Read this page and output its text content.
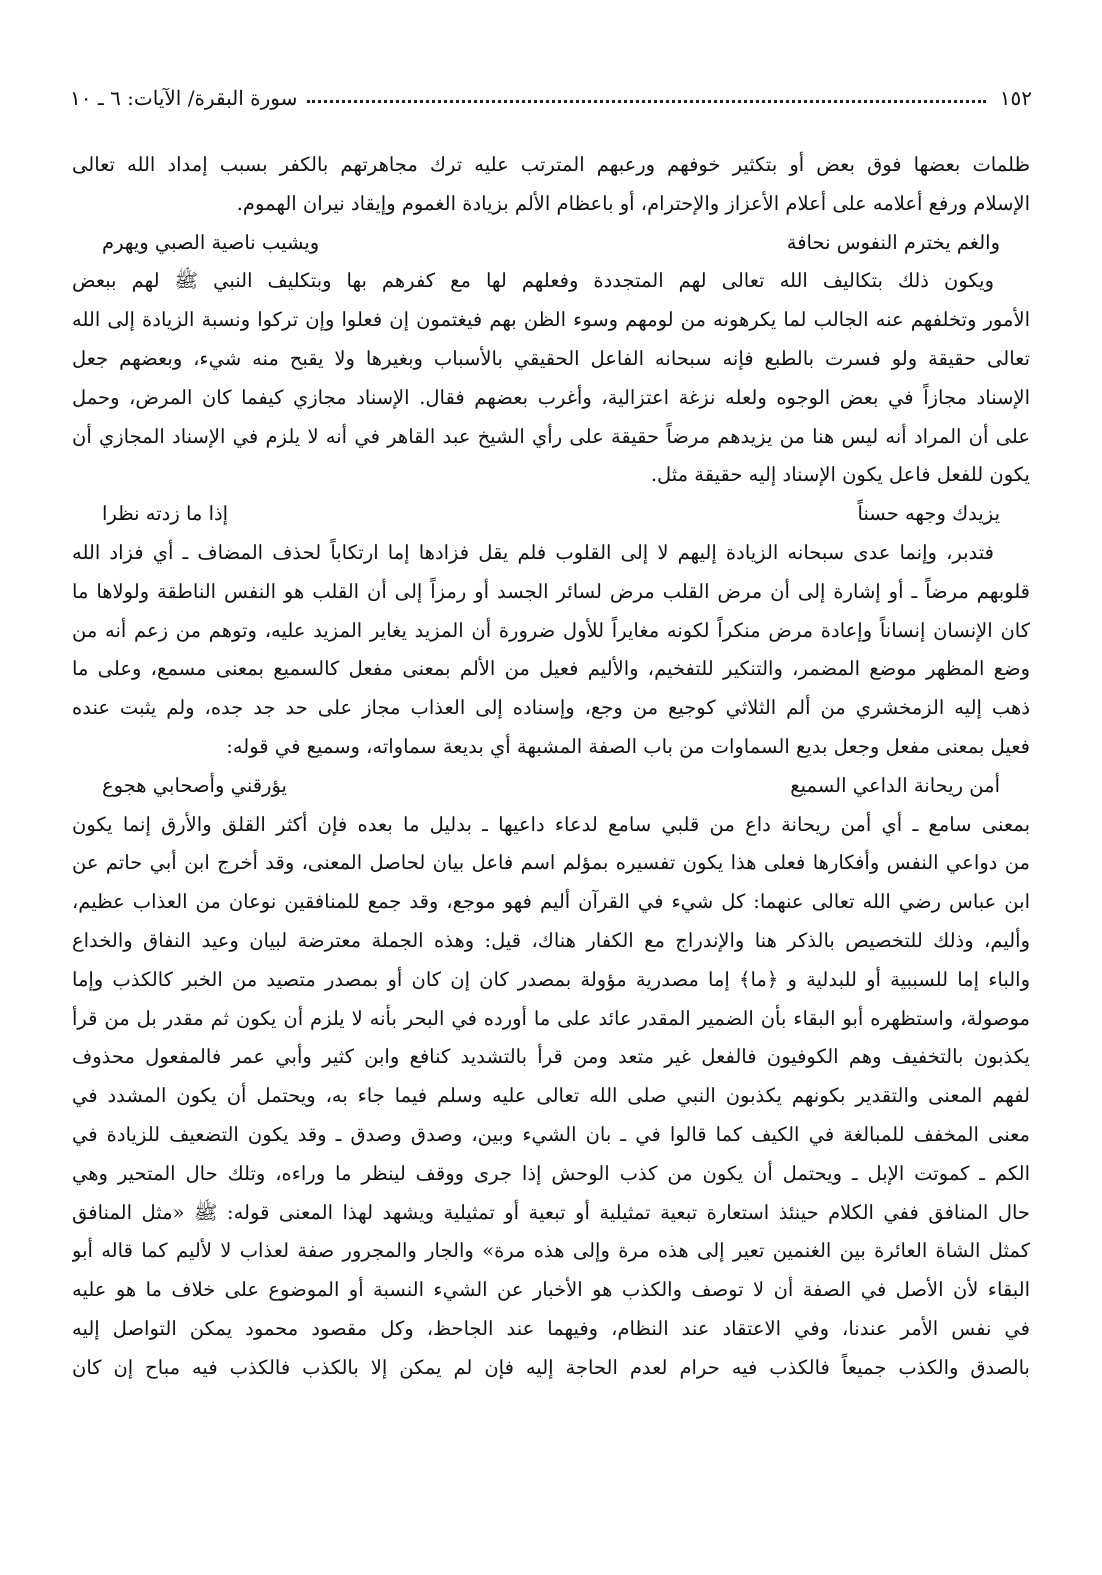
١٥٢
سورة البقرة/ الآيات: ٦ ـ ١٠
ظلمات بعضها فوق بعض أو بتكثير خوفهم ورعبهم المترتب عليه ترك مجاهرتهم بالكفر بسبب إمداد الله تعالى
الإسلام ورفع أعلامه على أعلام الأعزاز والإحترام، أو باعظام الألم بزيادة الغموم وإيقاد نيران الهموم.
والغم يخترم النفوس نحافة
ويشيب ناصية الصبي ويهرم
ويكون ذلك بتكاليف الله تعالى لهم المتجددة وفعلهم لها مع كفرهم بها وبتكليف النبي ﷺ لهم ببعض
الأمور وتخلفهم عنه الجالب لما يكرهونه من لومهم وسوء الظن بهم فيغتمون إن فعلوا وإن تركوا ونسبة الزيادة إلى الله
تعالى حقيقة ولو فسرت بالطبع فإنه سبحانه الفاعل الحقيقي بالأسباب وبغيرها ولا يقبح منه شيء، وبعضهم جعل
الإسناد مجازاً في بعض الوجوه ولعله نزغة اعتزالية، وأغرب بعضهم فقال. الإسناد مجازي كيفما كان المرض، وحمل
على أن المراد أنه ليس هنا من يزيدهم مرضاً حقيقة على رأي الشيخ عبد القاهر في أنه لا يلزم في الإسناد المجازي أن
يكون للفعل فاعل يكون الإسناد إليه حقيقة مثل.
يزيدك وجهه حسناً
إذا ما زدته نظرا
فتدبر، وإنما عدى سبحانه الزيادة إليهم لا إلى القلوب فلم يقل فزادها إما ارتكاباً لحذف المضاف ـ أي فزاد الله
قلوبهم مرضاً ـ أو إشارة إلى أن مرض القلب مرض لسائر الجسد أو رمزاً إلى أن القلب هو النفس الناطقة ولولاها ما
كان الإنسان إنساناً وإعادة مرض منكراً لكونه مغايراً للأول ضرورة أن المزيد يغاير المزيد عليه، وتوهم من زعم أنه من
وضع المظهر موضع المضمر، والتنكير للتفخيم، والأليم فعيل من الألم بمعنى مفعل كالسميع بمعنى مسمع، وعلى ما
ذهب إليه الزمخشري من ألم الثلاثي كوجيع من وجع، وإسناده إلى العذاب مجاز على حد جد جده، ولم يثبت عنده
فعيل بمعنى مفعل وجعل بديع السماوات من باب الصفة المشبهة أي بديعة سماواته، وسميع في قوله:
أمن ريحانة الداعي السميع
يؤرقني وأصحابي هجوع
بمعنى سامع ـ أي أمن ريحانة داع من قلبي سامع لدعاء داعيها ـ بدليل ما بعده فإن أكثر القلق والأرق إنما يكون
من دواعي النفس وأفكارها فعلى هذا يكون تفسيره بمؤلم اسم فاعل بيان لحاصل المعنى، وقد أخرج ابن أبي حاتم عن
ابن عباس رضي الله تعالى عنهما: كل شيء في القرآن أليم فهو موجع، وقد جمع للمنافقين نوعان من العذاب عظيم،
وأليم، وذلك للتخصيص بالذكر هنا والإندراج مع الكفار هناك، قيل: وهذه الجملة معترضة لبيان وعيد النفاق والخداع
والباء إما للسببية أو للبدلية و ﴿ما﴾ إما مصدرية مؤولة بمصدر كان إن كان أو بمصدر متصيد من الخبر كالكذب وإما
موصولة، واستظهره أبو البقاء بأن الضمير المقدر عائد على ما أورده في البحر بأنه لا يلزم أن يكون ثم مقدر بل من قرأ
يكذبون بالتخفيف وهم الكوفيون فالفعل غير متعد ومن قرأ بالتشديد كنافع وابن كثير وأبي عمر فالمفعول محذوف
لفهم المعنى والتقدير بكونهم يكذبون النبي صلى الله تعالى عليه وسلم فيما جاء به، ويحتمل أن يكون المشدد في
معنى المخفف للمبالغة في الكيف كما قالوا في ـ بان الشيء وبين، وصدق وصدق ـ وقد يكون التضعيف للزيادة في
الكم ـ كموتت الإبل ـ ويحتمل أن يكون من كذب الوحش إذا جرى ووقف لينظر ما وراءه، وتلك حال المتحير وهي
حال المنافق ففي الكلام حينئذ استعارة تبعية تمثيلية أو تبعية أو تمثيلية ويشهد لهذا المعنى قوله: ﷺ «مثل المنافق
كمثل الشاة العائرة بين الغنمين تعير إلى هذه مرة وإلى هذه مرة» والجار والمجرور صفة لعذاب لا لأليم كما قاله أبو
البقاء لأن الأصل في الصفة أن لا توصف والكذب هو الأخبار عن الشيء النسبة أو الموضوع على خلاف ما هو عليه
في نفس الأمر عندنا، وفي الاعتقاد عند النظام، وفيهما عند الجاحظ، وكل مقصود محمود يمكن التواصل إليه
بالصدق والكذب جميعاً فالكذب فيه حرام لعدم الحاجة إليه فإن لم يمكن إلا بالكذب فالكذب فيه مباح إن كان
